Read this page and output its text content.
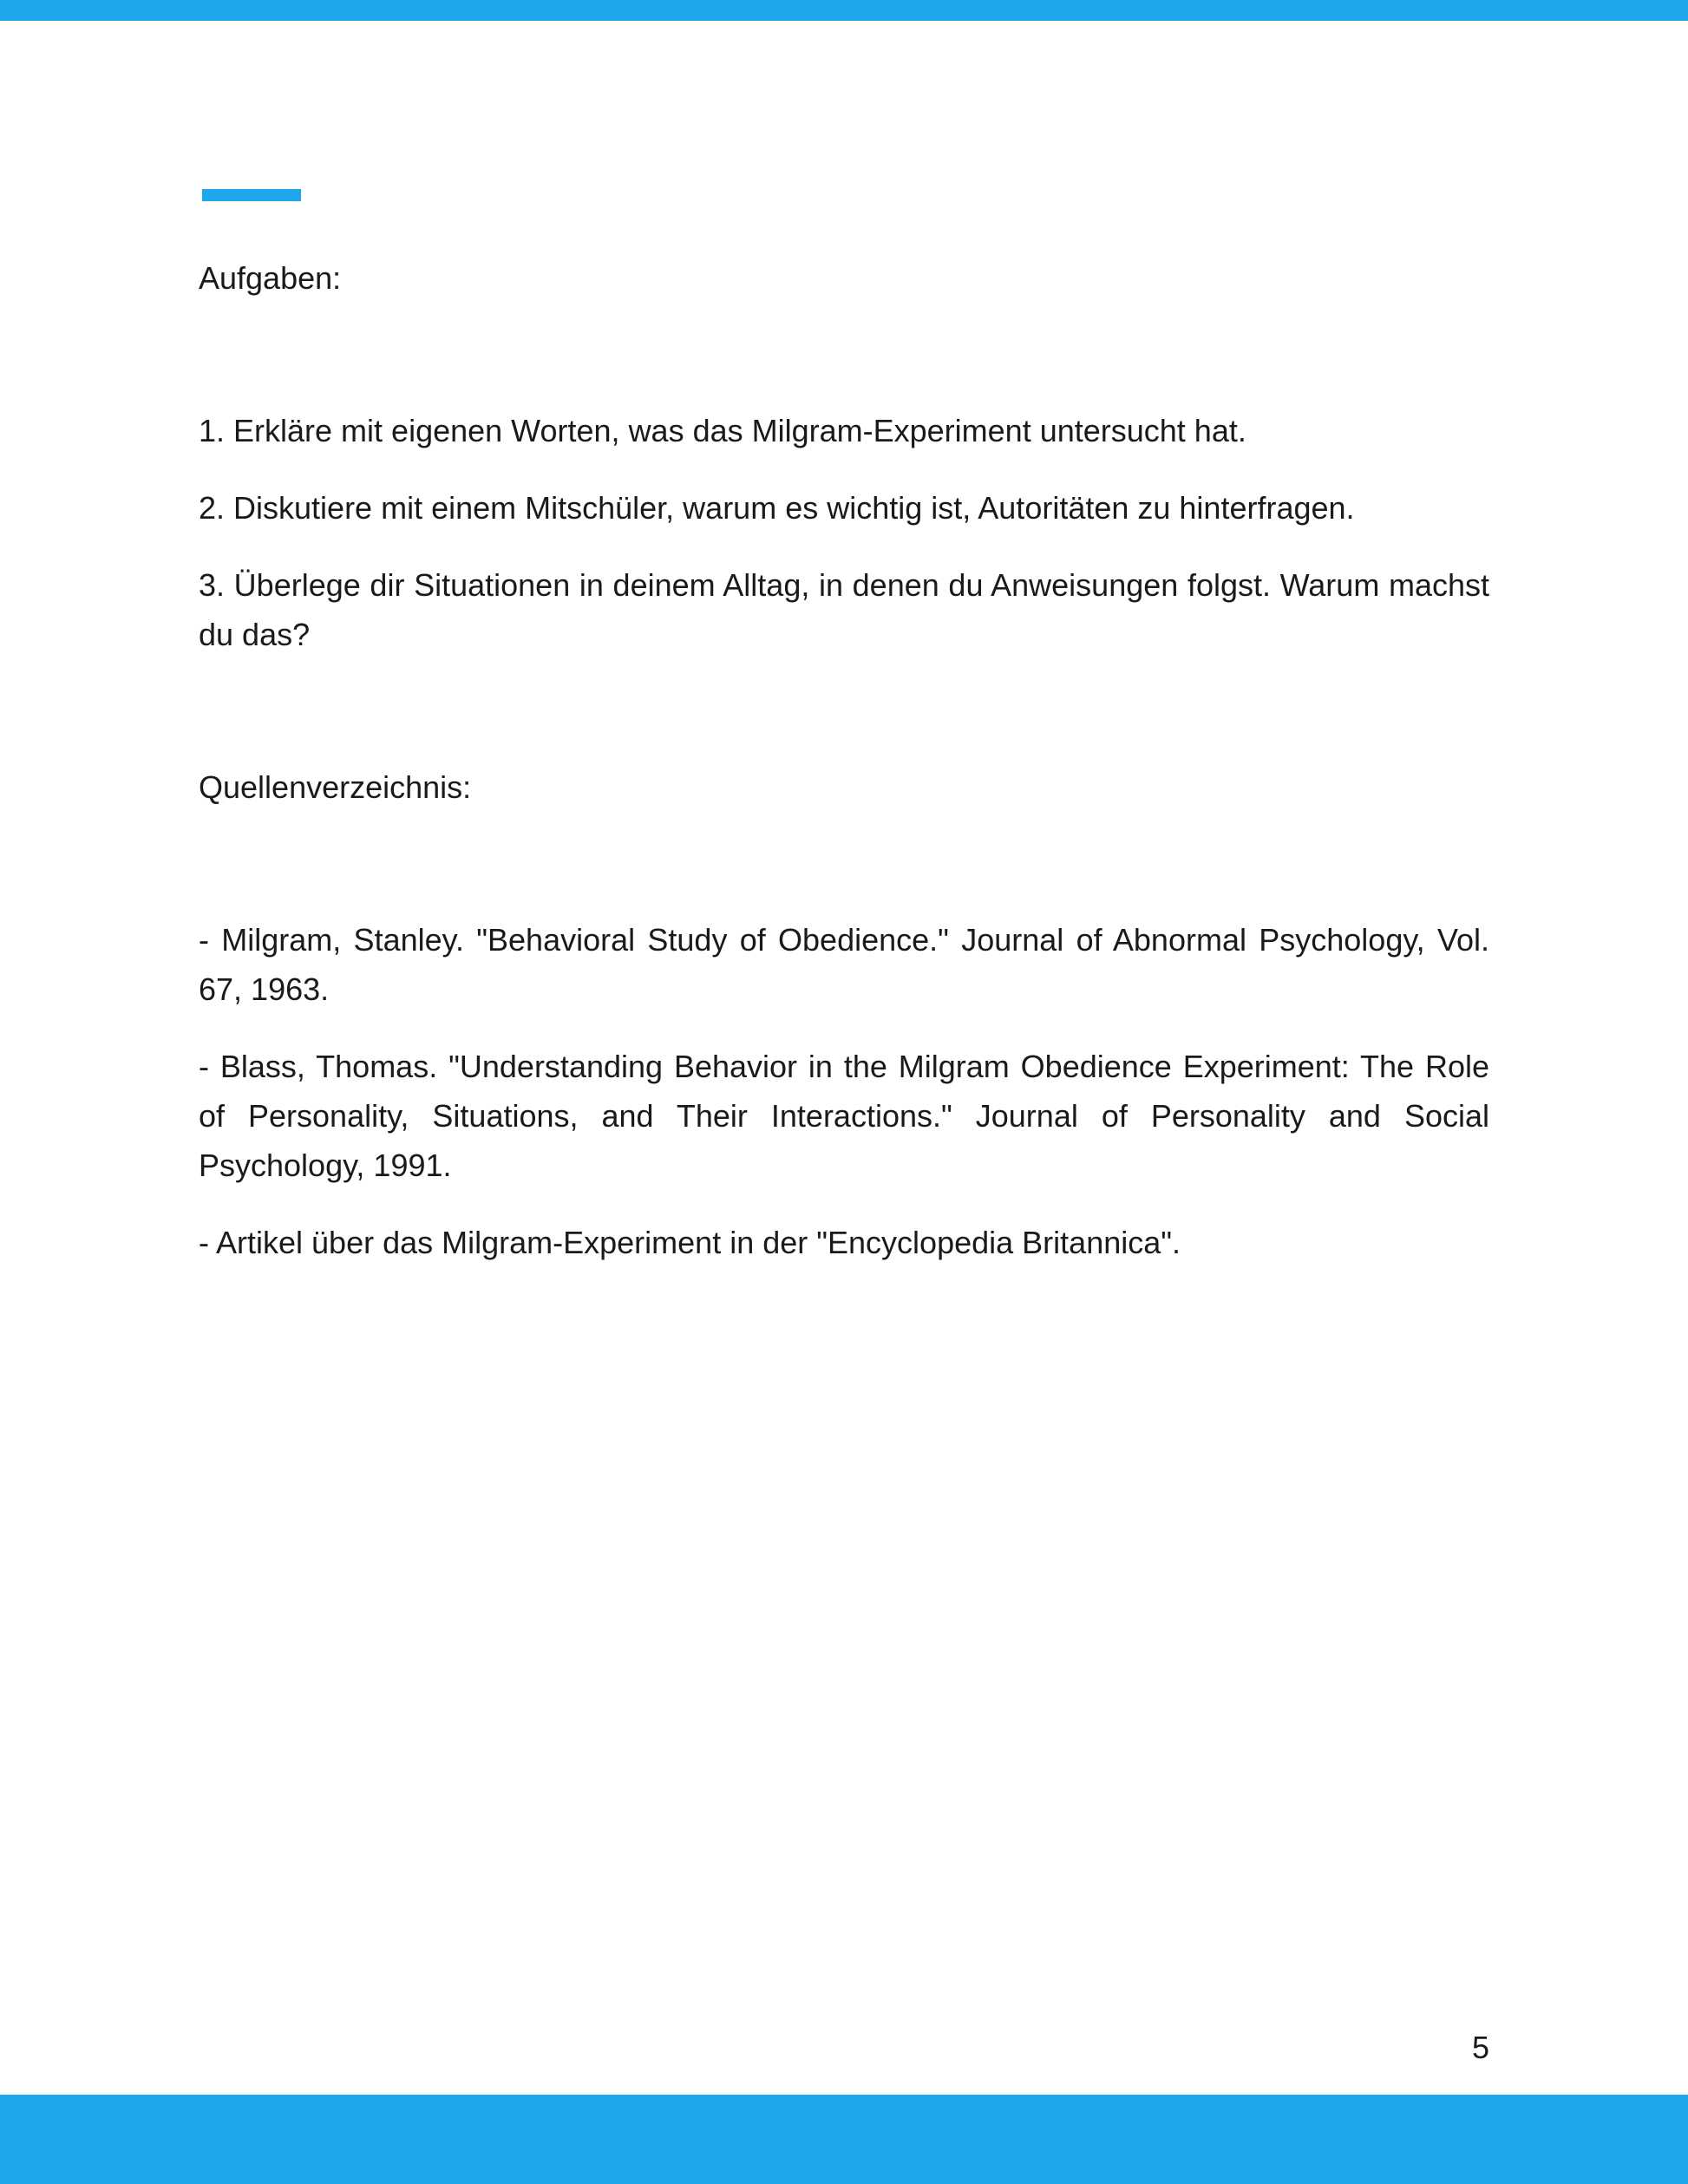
Aufgaben:

1. Erkläre mit eigenen Worten, was das Milgram-Experiment untersucht hat.

2. Diskutiere mit einem Mitschüler, warum es wichtig ist, Autoritäten zu hinterfragen.

3. Überlege dir Situationen in deinem Alltag, in denen du Anweisungen folgst. Warum machst du das?

Quellenverzeichnis:

- Milgram, Stanley. "Behavioral Study of Obedience." Journal of Abnormal Psychology, Vol. 67, 1963.

- Blass, Thomas. "Understanding Behavior in the Milgram Obedience Experiment: The Role of Personality, Situations, and Their Interactions." Journal of Personality and Social Psychology, 1991.

- Artikel über das Milgram-Experiment in der "Encyclopedia Britannica".

5
